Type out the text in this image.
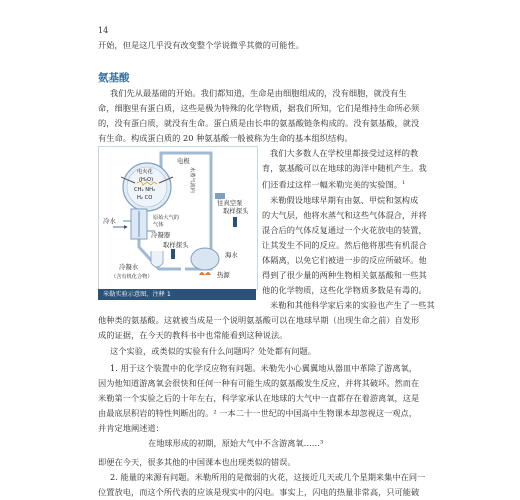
14
开始，但是这几乎没有改变整个学说微乎其微的可能性。
氨基酸
我们先从最基础的开始。我们都知道，生命是由细胞组成的，没有细胞，就没有生
命，细胞里有蛋白质，这些是极为特殊的化学物质，据我们所知，它们是维持生命所必须
的，没有蛋白质，就没有生命。蛋白质是由长串的氨基酸链条构成的。没有氨基酸，就没
有生命。构成蛋白质的 20 种氨基酸一般被称为生命的基本组织结构。
电极
电火花
(H₂O)
CH₄ NH₃
H₂ CO
水蒸气流向
往真空泵
原始大气的
气体
冷凝器
冷水
取样探头
取样探头
海水
热源
冷凝水
（含有机化合物）
米勒实验示意图，注释 1
我们大多数人在学校里都接受过这样的教
育，氨基酸可以在地球的海洋中随机产生。我
们还看过这样一幅米勒完美的实验图。$^1$
米勒假设地球早期有由氨、甲烷和氢构成
的大气层，他将水蒸气和这些气体混合，并将
混合后的气体反复通过一个火花放电的装置，
让其发生不同的反应。然后他将那些有机混合
体隔离，以免它们被进一步的反应所破坏。他
得到了很少量的两种生物相关氨基酸和一些其
他的化学物质，这些化学物质多数是有毒的。
米勒和其他科学家后来的实验也产生了一些其
他种类的氨基酸。这就被当成是一个说明氨基酸可以在地球早期（出现生命之前）自发形
成的证据，在今天的教科书中也常能看到这种说法。
这个实验，或类似的实验有什么问题吗？处处都有问题。
1. 用于这个装置中的化学反应物有问题。米勒先小心翼翼地从器皿中革除了游离氧，
因为他知道游离氧会很快和任何一种有可能生成的氨基酸发生反应，并将其破坏。然而在
米勒第一个实验之后的十年左右，科学家承认在地球的大气中一直都存在着游离氧，这是
由最底层积岩的特性判断出的。² 一本二十一世纪的中国高中生物课本却忽视这一观点，
并肯定地阐述道：
在地球形成的初期，原始大气中不含游离氧……³
即便在今天，很多其他的中国课本也出现类似的错误。
2. 能量的来源有问题。米勒所用的是微弱的火花，这接近几天或几个星期来集中在同一
位置放电，而这个所代表的应该是现实中的闪电。事实上，闪电的热量非常高，只可能破
